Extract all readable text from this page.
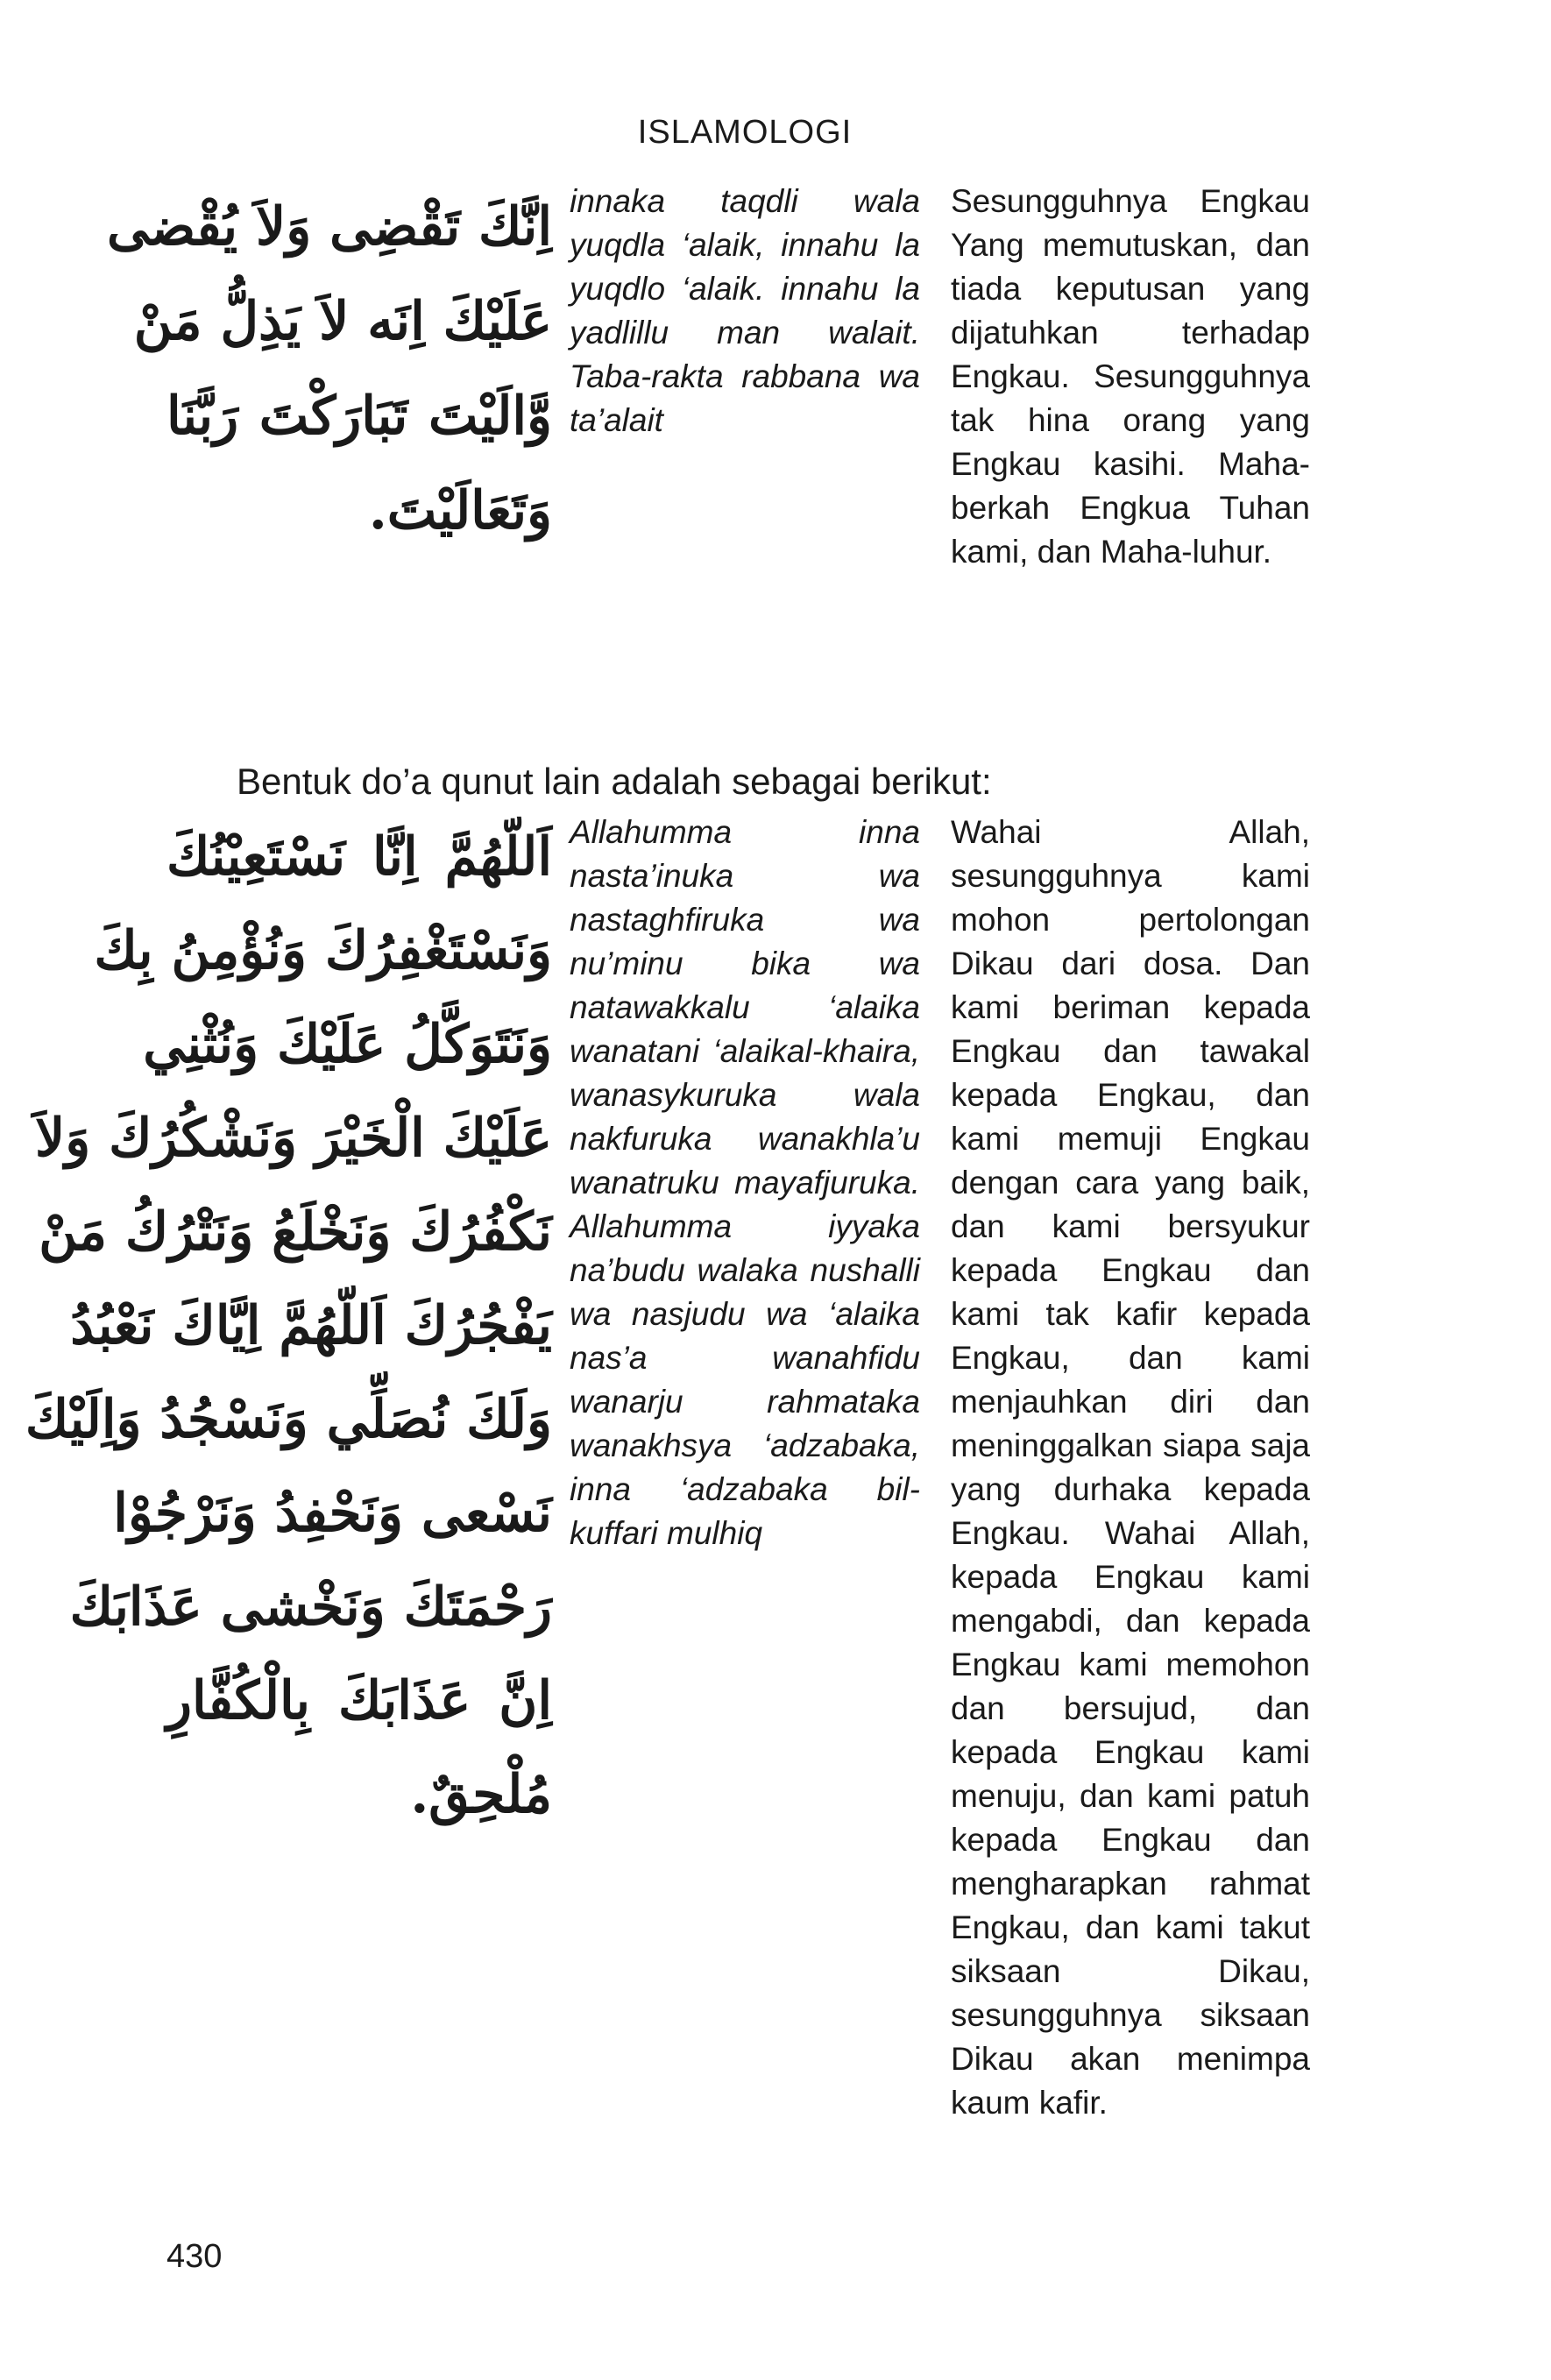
ISLAMOLOGI
اِنَّكَ تَقْضِى وَلاَ يُقْضى
عَلَيْكَ اِنَه لاَ يَذِلُّ مَنْ
وَّالَيْتَ تَبَارَكْتَ رَبَّنَا
وَتَعَالَيْتَ.
innaka taqdli wala yuqdla ‘alaik, innahu la yuqdlo ‘alaik. innahu la yadlillu man walait. Taba-rakta rabbana wa ta’alait
Sesungguhnya Engkau Yang memutuskan, dan tiada keputusan yang dijatuhkan terhadap Engkau. Sesungguhnya tak hina orang yang Engkau kasihi. Maha-berkah Engkua Tuhan kami, dan Maha-luhur.

Bentuk do’a qunut lain adalah sebagai berikut:

اَللّهُمَّ اِنَّا نَسْتَعِيْنُكَ
وَنَسْتَغْفِرُكَ وَنُؤْمِنُ بِكَ
وَنَتَوَكَّلُ عَلَيْكَ وَنُثْنِي
عَلَيْكَ الْخَيْرَ وَنَشْكُرُكَ وَلاَ
نَكْفُرُكَ وَنَخْلَعُ وَنَتْرُكُ مَنْ
يَفْجُرُكَ اَللّهُمَّ اِيَّاكَ نَعْبُدُ
وَلَكَ نُصَلِّي وَنَسْجُدُ وَاِلَيْكَ
نَسْعى وَنَحْفِدُ وَنَرْجُوْا
رَحْمَتَكَ وَنَخْشى عَذَابَكَ
اِنَّ عَذَابَكَ بِالْكُفَّارِ
مُلْحِقٌ.
Allahumma inna nasta’inuka wa nastaghfiruka wa nu’minu bika wa natawakkalu ‘alaika wanatani ‘alaikal-khaira, wanasykuruka wala nakfuruka wanakhla’u wanatruku mayafjuruka. Allahumma iyyaka na’budu walaka nushalli wa nasjudu wa ‘alaika nas’a wanahfidu wanarju rahmataka wanakhsya ‘adzabaka, inna ‘adzabaka bil-kuffari mulhiq
Wahai Allah, sesungguhnya kami mohon pertolongan Dikau dari dosa. Dan kami beriman kepada Engkau dan tawakal kepada Engkau, dan kami memuji Engkau dengan cara yang baik, dan kami bersyukur kepada Engkau dan kami tak kafir kepada Engkau, dan kami menjauhkan diri dan meninggalkan siapa saja yang durhaka kepada Engkau. Wahai Allah, kepada Engkau kami mengabdi, dan kepada Engkau kami memohon dan bersujud, dan kepada Engkau kami menuju, dan kami patuh kepada Engkau dan mengharapkan rahmat Engkau, dan kami takut siksaan Dikau, sesungguhnya siksaan Dikau akan menimpa kaum kafir.
430
